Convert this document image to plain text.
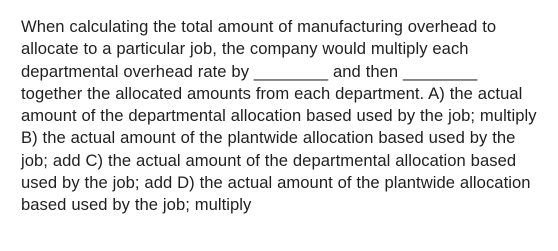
When calculating the total amount of manufacturing overhead to allocate to a particular job, the company would multiply each departmental overhead rate by ________ and then ________ together the allocated amounts from each department. A) the actual amount of the departmental allocation based used by the job; multiply B) the actual amount of the plantwide allocation based used by the job; add C) the actual amount of the departmental allocation based used by the job; add D) the actual amount of the plantwide allocation based used by the job; multiply
